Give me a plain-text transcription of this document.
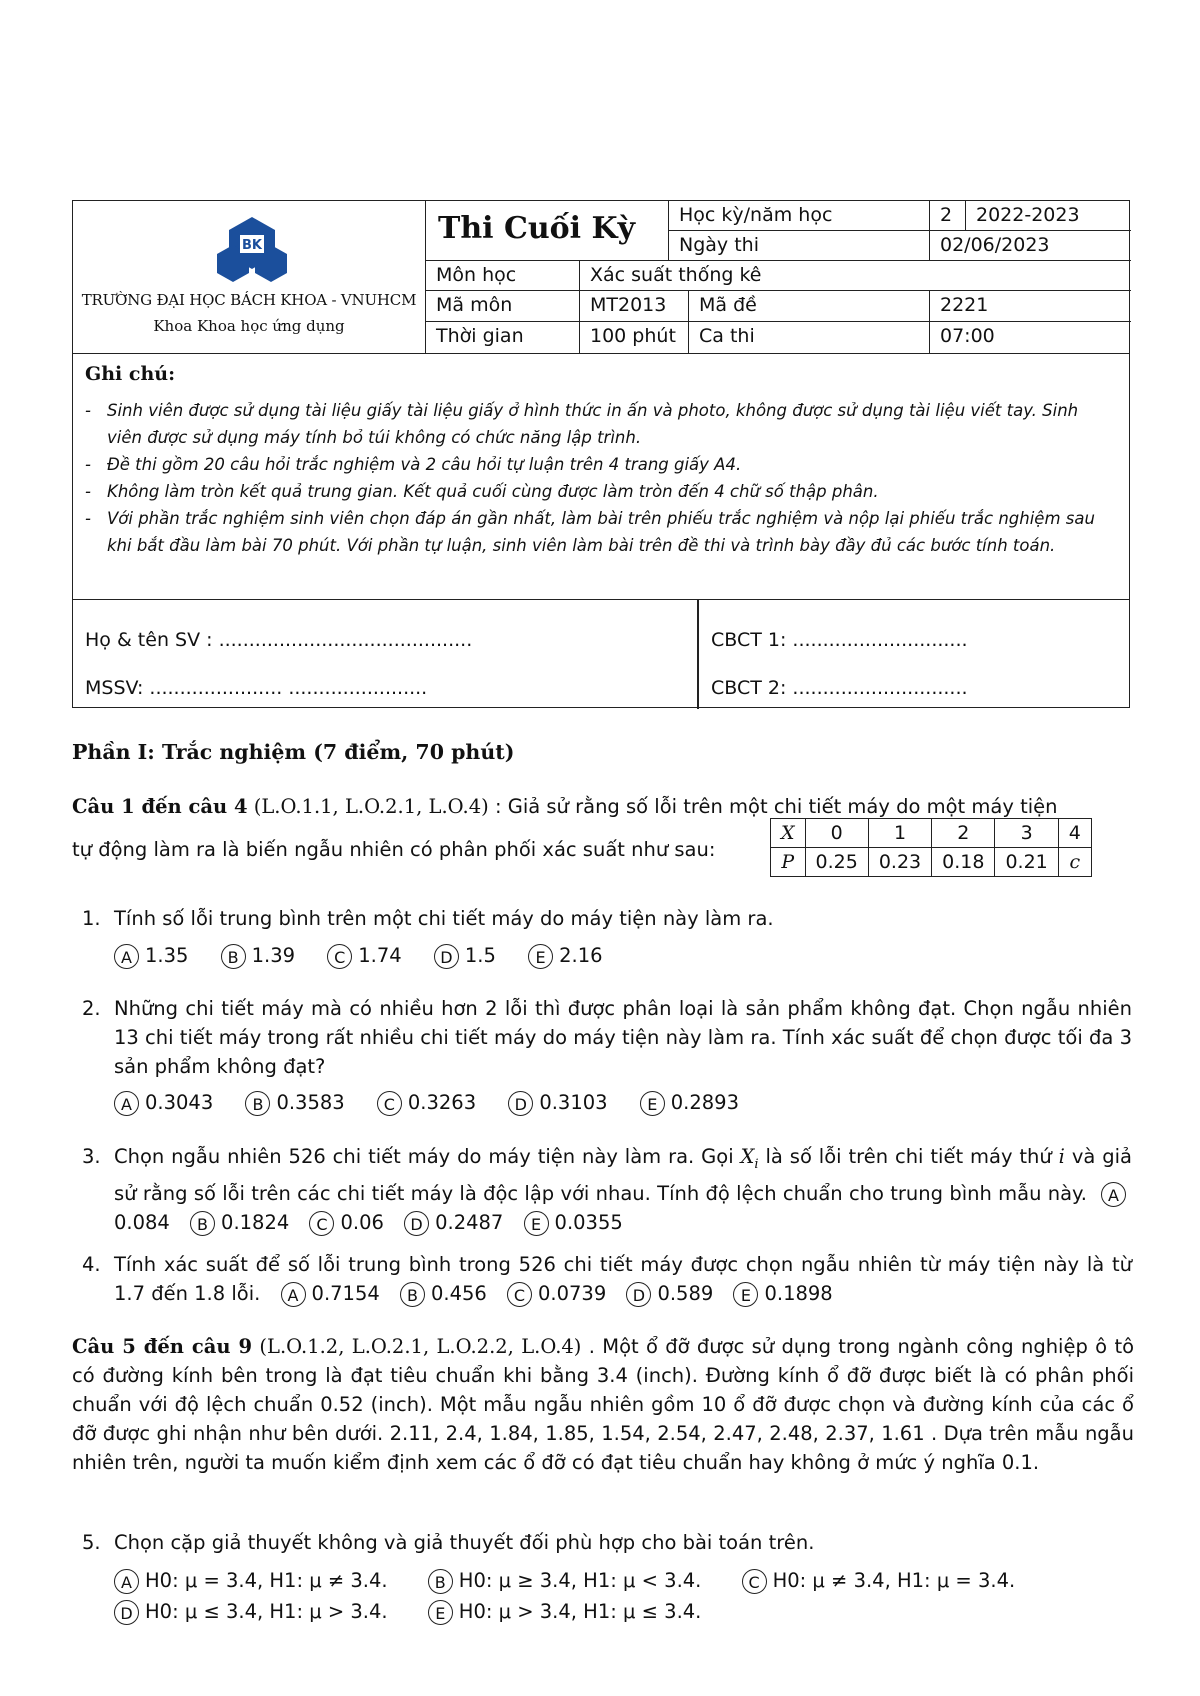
BK
TRƯỜNG ĐẠI HỌC BÁCH KHOA - VNUHCM
Khoa Khoa học ứng dụng
Thi Cuối Kỳ	Học kỳ/năm học	2	2022-2023
Ngày thi	02/06/2023
Môn học	Xác suất thống kê
Mã môn	MT2013	Mã đề	2221
Thời gian	100 phút	Ca thi	07:00
Ghi chú:
- Sinh viên được sử dụng tài liệu giấy tài liệu giấy ở hình thức in ấn và photo, không được sử dụng tài liệu viết tay. Sinh viên được sử dụng máy tính bỏ túi không có chức năng lập trình.
- Đề thi gồm 20 câu hỏi trắc nghiệm và 2 câu hỏi tự luận trên 4 trang giấy A4.
- Không làm tròn kết quả trung gian. Kết quả cuối cùng được làm tròn đến 4 chữ số thập phân.
- Với phần trắc nghiệm sinh viên chọn đáp án gần nhất, làm bài trên phiếu trắc nghiệm và nộp lại phiếu trắc nghiệm sau khi bắt đầu làm bài 70 phút. Với phần tự luận, sinh viên làm bài trên đề thi và trình bày đầy đủ các bước tính toán.
Họ & tên SV : ..........................................
MSSV: ...................... .......................
CBCT 1: .............................
CBCT 2: .............................
Phần I: Trắc nghiệm (7 điểm, 70 phút)
Câu 1 đến câu 4 (L.O.1.1, L.O.2.1, L.O.4) : Giả sử rằng số lỗi trên một chi tiết máy do một máy tiện
tự động làm ra là biến ngẫu nhiên có phân phối xác suất như sau:
X	0	1	2	3	4
P	0.25	0.23	0.18	0.21	c
1. Tính số lỗi trung bình trên một chi tiết máy do máy tiện này làm ra.
A 1.35 B 1.39 C 1.74 D 1.5 E 2.16
2. Những chi tiết máy mà có nhiều hơn 2 lỗi thì được phân loại là sản phẩm không đạt. Chọn ngẫu nhiên 13 chi tiết máy trong rất nhiều chi tiết máy do máy tiện này làm ra. Tính xác suất để chọn được tối đa 3 sản phẩm không đạt?
A 0.3043 B 0.3583 C 0.3263 D 0.3103 E 0.2893
3. Chọn ngẫu nhiên 526 chi tiết máy do máy tiện này làm ra. Gọi $X_i$ là số lỗi trên chi tiết máy thứ i và giả sử rằng số lỗi trên các chi tiết máy là độc lập với nhau. Tính độ lệch chuẩn cho trung bình mẫu này. A0.084 B 0.1824 C 0.06 D 0.2487 E 0.0355
4. Tính xác suất để số lỗi trung bình trong 526 chi tiết máy được chọn ngẫu nhiên từ máy tiện này là từ 1.7 đến 1.8 lỗi. A 0.7154 B 0.456 C 0.0739 D 0.589 E 0.1898
Câu 5 đến câu 9 (L.O.1.2, L.O.2.1, L.O.2.2, L.O.4) . Một ổ đỡ được sử dụng trong ngành công nghiệp ô tô có đường kính bên trong là đạt tiêu chuẩn khi bằng 3.4 (inch). Đường kính ổ đỡ được biết là có phân phối chuẩn với độ lệch chuẩn 0.52 (inch). Một mẫu ngẫu nhiên gồm 10 ổ đỡ được chọn và đường kính của các ổ đỡ được ghi nhận như bên dưới. 2.11, 2.4, 1.84, 1.85, 1.54, 2.54, 2.47, 2.48, 2.37, 1.61 . Dựa trên mẫu ngẫu nhiên trên, người ta muốn kiểm định xem các ổ đỡ có đạt tiêu chuẩn hay không ở mức ý nghĩa 0.1.
5. Chọn cặp giả thuyết không và giả thuyết đối phù hợp cho bài toán trên.
A H0: μ = 3.4, H1: μ ≠ 3.4.	B H0: μ ≥ 3.4, H1: μ < 3.4.	C H0: μ ≠ 3.4, H1: μ = 3.4.
D H0: μ ≤ 3.4, H1: μ > 3.4.	E H0: μ > 3.4, H1: μ ≤ 3.4.
